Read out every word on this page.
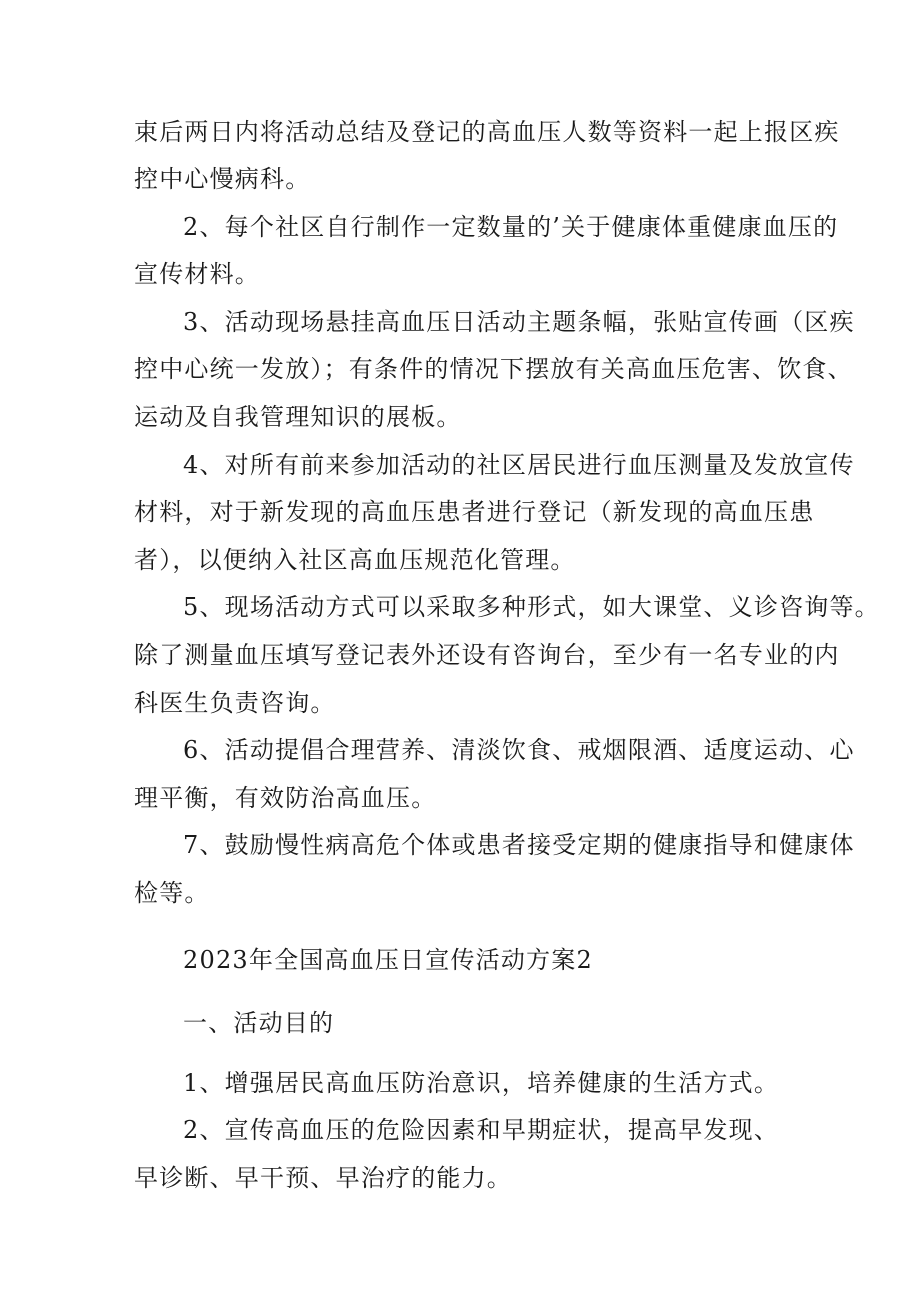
束后两日内将活动总结及登记的高血压人数等资料一起上报区疾

控中心慢病科。

2、每个社区自行制作一定数量的’关于健康体重健康血压的

宣传材料。

3、活动现场悬挂高血压日活动主题条幅，张贴宣传画（区疾

控中心统一发放）；有条件的情况下摆放有关高血压危害、饮食、

运动及自我管理知识的展板。

4、对所有前来参加活动的社区居民进行血压测量及发放宣传

材料，对于新发现的高血压患者进行登记（新发现的高血压患

者），以便纳入社区高血压规范化管理。

5、现场活动方式可以采取多种形式，如大课堂、义诊咨询等。

除了测量血压填写登记表外还设有咨询台，至少有一名专业的内

科医生负责咨询。

6、活动提倡合理营养、清淡饮食、戒烟限酒、适度运动、心

理平衡，有效防治高血压。

7、鼓励慢性病高危个体或患者接受定期的健康指导和健康体

检等。

2023年全国高血压日宣传活动方案2

一、活动目的

1、增强居民高血压防治意识，培养健康的生活方式。

2、宣传高血压的危险因素和早期症状，提高早发现、

早诊断、早干预、早治疗的能力。
